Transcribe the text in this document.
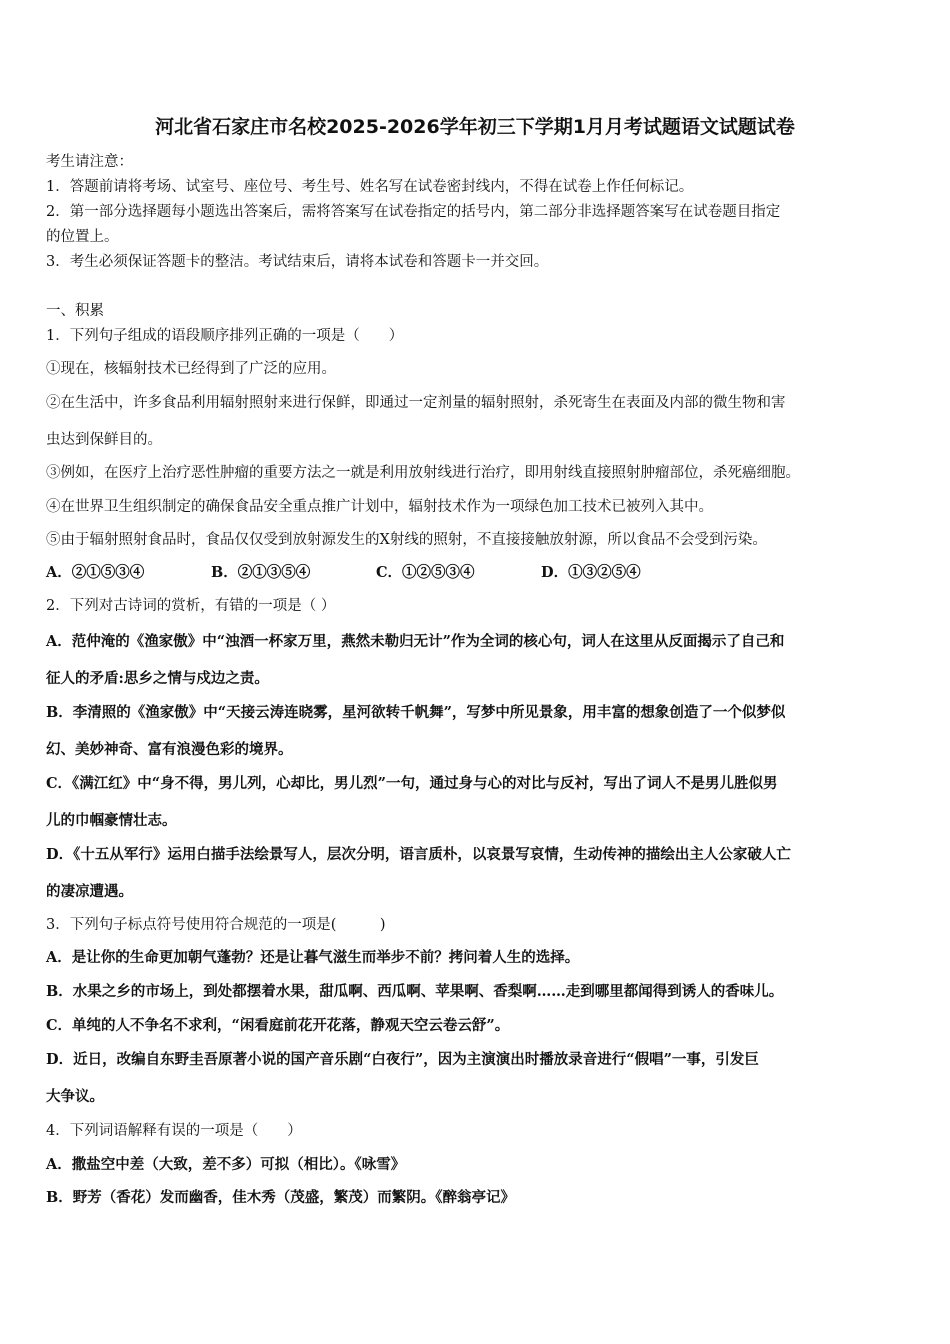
河北省石家庄市名校2025-2026学年初三下学期1月月考试题语文试题试卷
考生请注意：
1．答题前请将考场、试室号、座位号、考生号、姓名写在试卷密封线内，不得在试卷上作任何标记。
2．第一部分选择题每小题选出答案后，需将答案写在试卷指定的括号内，第二部分非选择题答案写在试卷题目指定
的位置上。
3．考生必须保证答题卡的整洁。考试结束后，请将本试卷和答题卡一并交回。
一、积累
1．下列句子组成的语段顺序排列正确的一项是（　　）
①现在，核辐射技术已经得到了广泛的应用。
②在生活中，许多食品利用辐射照射来进行保鲜，即通过一定剂量的辐射照射，杀死寄生在表面及内部的微生物和害
虫达到保鲜目的。
③例如，在医疗上治疗恶性肿瘤的重要方法之一就是利用放射线进行治疗，即用射线直接照射肿瘤部位，杀死癌细胞。
④在世界卫生组织制定的确保食品安全重点推广计划中，辐射技术作为一项绿色加工技术已被列入其中。
⑤由于辐射照射食品时，食品仅仅受到放射源发生的X射线的照射，不直接接触放射源，所以食品不会受到污染。
A．②①⑤③④	B．②①③⑤④	C．①②⑤③④	D．①③②⑤④
2．下列对古诗词的赏析，有错的一项是（ ）
A．范仲淹的《渔家傲》中“浊酒一杯家万里，燕然未勒归无计”作为全词的核心句，词人在这里从反面揭示了自己和
征人的矛盾:思乡之情与戍边之责。
B．李清照的《渔家傲》中“天接云涛连晓雾，星河欲转千帆舞”，写梦中所见景象，用丰富的想象创造了一个似梦似
幻、美妙神奇、富有浪漫色彩的境界。
C．《满江红》中“身不得，男儿列，心却比，男儿烈”一句，通过身与心的对比与反衬，写出了词人不是男儿胜似男
儿的巾帼豪情壮志。
D．《十五从军行》运用白描手法绘景写人，层次分明，语言质朴，以哀景写哀情，生动传神的描绘出主人公家破人亡
的凄凉遭遇。
3．下列句子标点符号使用符合规范的一项是(　　　)
A．是让你的生命更加朝气蓬勃？还是让暮气滋生而举步不前？拷问着人生的选择。
B．水果之乡的市场上，到处都摆着水果，甜瓜啊、西瓜啊、苹果啊、香梨啊……走到哪里都闻得到诱人的香味儿。
C．单纯的人不争名不求利，“闲看庭前花开花落，静观天空云卷云舒”。
D．近日，改编自东野圭吾原著小说的国产音乐剧“白夜行”，因为主演演出时播放录音进行“假唱”一事，引发巨
大争议。
4．下列词语解释有误的一项是（　　）
A．撒盐空中差（大致，差不多）可拟（相比）。《咏雪》
B．野芳（香花）发而幽香，佳木秀（茂盛，繁茂）而繁阴。《醉翁亭记》
